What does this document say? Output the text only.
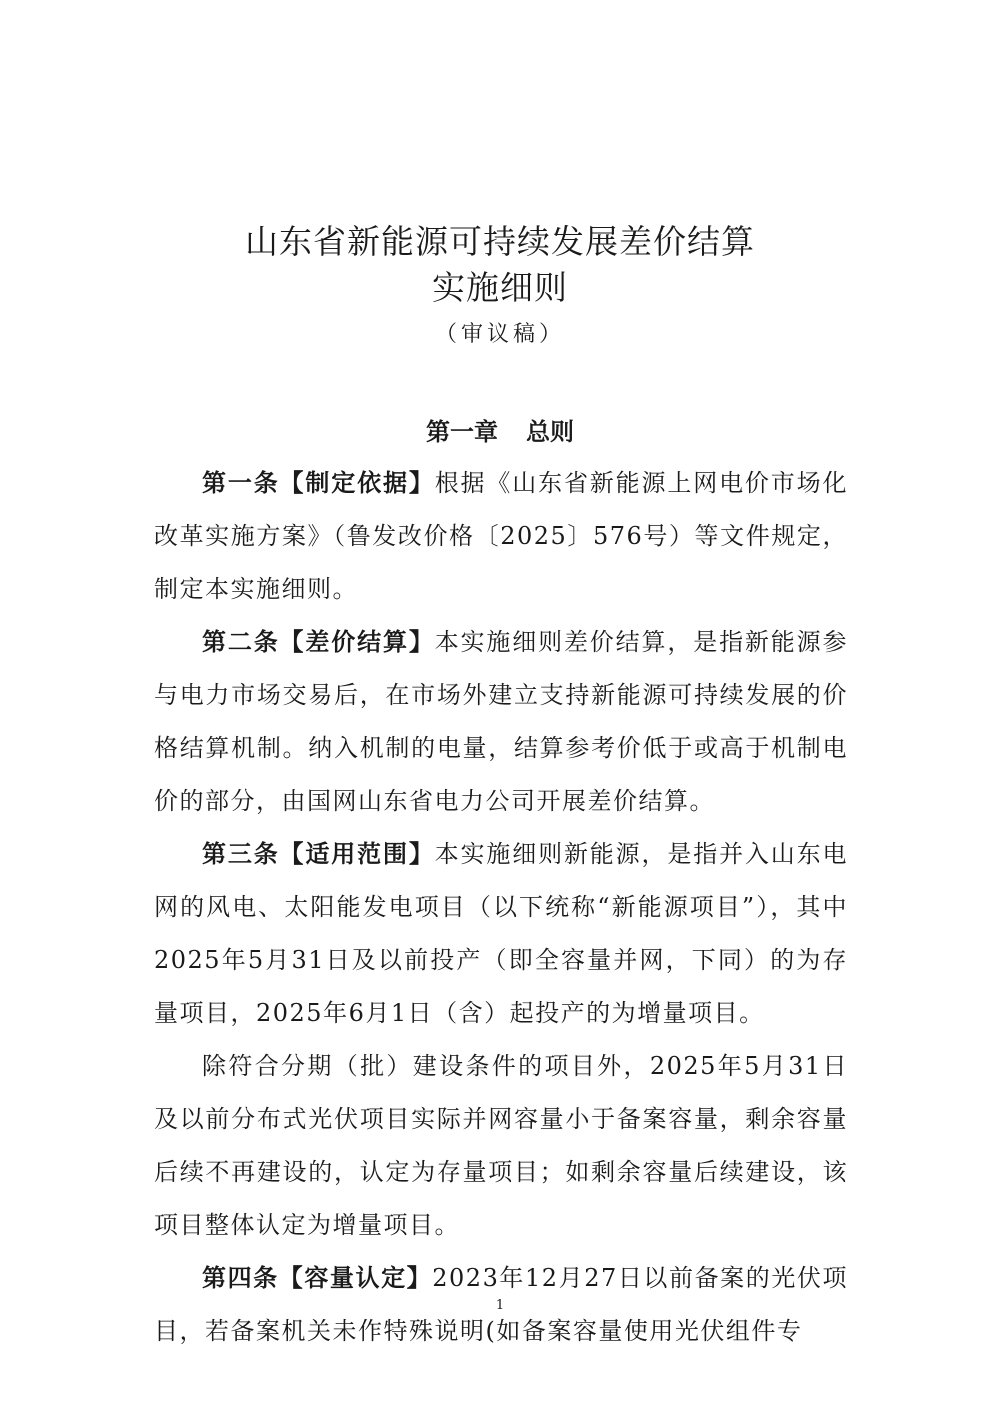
山东省新能源可持续发展差价结算
实施细则
（审议稿）
第一章 总则

第一条【制定依据】根据《山东省新能源上网电价市场化改革实施方案》（鲁发改价格〔2025〕576号）等文件规定，制定本实施细则。

第二条【差价结算】本实施细则差价结算，是指新能源参与电力市场交易后，在市场外建立支持新能源可持续发展的价格结算机制。纳入机制的电量，结算参考价低于或高于机制电价的部分，由国网山东省电力公司开展差价结算。

第三条【适用范围】本实施细则新能源，是指并入山东电网的风电、太阳能发电项目（以下统称“新能源项目”），其中2025年5月31日及以前投产（即全容量并网，下同）的为存量项目，2025年6月1日（含）起投产的为增量项目。

除符合分期（批）建设条件的项目外，2025年5月31日及以前分布式光伏项目实际并网容量小于备案容量，剩余容量后续不再建设的，认定为存量项目；如剩余容量后续建设，该项目整体认定为增量项目。

第四条【容量认定】2023年12月27日以前备案的光伏项目，若备案机关未作特殊说明(如备案容量使用光伏组件专

1
